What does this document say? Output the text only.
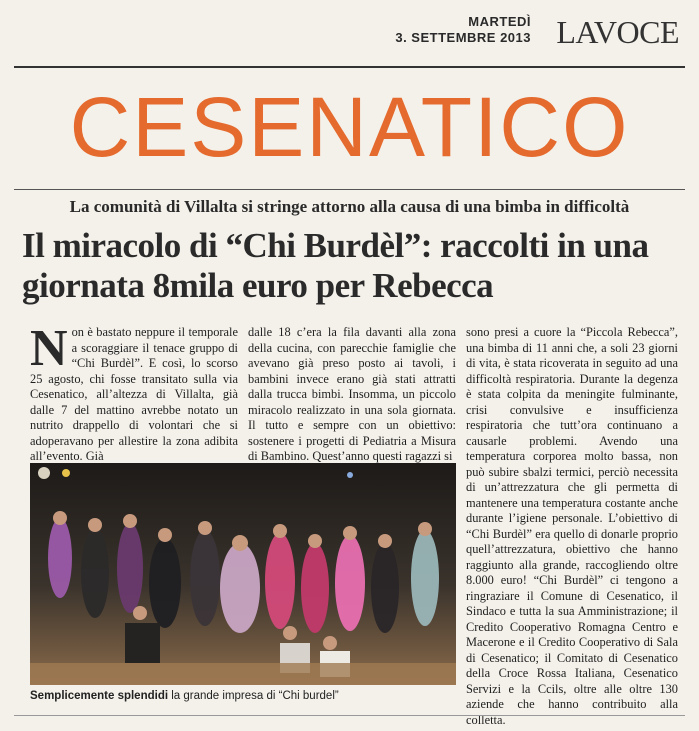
MARTEDÌ
3. SETTEMBRE 2013 LAVOCE
CESENATICO
La comunità di Villalta si stringe attorno alla causa di una bimba in difficoltà
Il miracolo di “Chi Burdèl”: raccolti in una giornata 8mila euro per Rebecca
N on è bastato neppure il temporale a scoraggiare il tenace gruppo di “Chi Burdèl”. E così, lo scorso 25 agosto, chi fosse transitato sulla via Cesenatico, all’altezza di Villalta, già dalle 7 del mattino avrebbe notato un nutrito drappello di volontari che si adoperavano per allestire la zona adibita all’evento. Già
dalle 18 c’era la fila davanti alla zona della cucina, con parecchie famiglie che avevano già preso posto ai tavoli, i bambini invece erano già stati attratti dalla trucca bimbi. Insomma, un piccolo miracolo realizzato in una sola giornata. Il tutto e sempre con un obiettivo: sostenere i progetti di Pediatria a Misura di Bambino. Quest’anno questi ragazzi si
sono presi a cuore la “Piccola Rebecca”, una bimba di 11 anni che, a soli 23 giorni di vita, è stata ricoverata in seguito ad una difficoltà respiratoria. Durante la degenza è stata colpita da meningite fulminante, crisi convulsive e insufficienza respiratoria che tutt’ora continuano a causarle problemi. Avendo una temperatura corporea molto bassa, non può subire sbalzi termici, perciò necessita di un’attrezzatura che gli permetta di mantenere una temperatura costante anche durante l’igiene personale. L’obiettivo di “Chi Burdèl” era quello di donarle proprio quell’attrezzatura, obiettivo che hanno raggiunto alla grande, raccogliendo oltre 8.000 euro! “Chi Burdèl” ci tengono a ringraziare il Comune di Cesenatico, il Sindaco e tutta la sua Amministrazione; il Credito Cooperativo Romagna Centro e Macerone e il Credito Cooperativo di Sala di Cesenatico; il Comitato di Cesenatico della Croce Rossa Italiana, Cesenatico Servizi e la Ccils, oltre alle oltre 130 aziende che hanno contribuito alla colletta.
Semplicemente splendidi la grande impresa di “Chi burdel”
